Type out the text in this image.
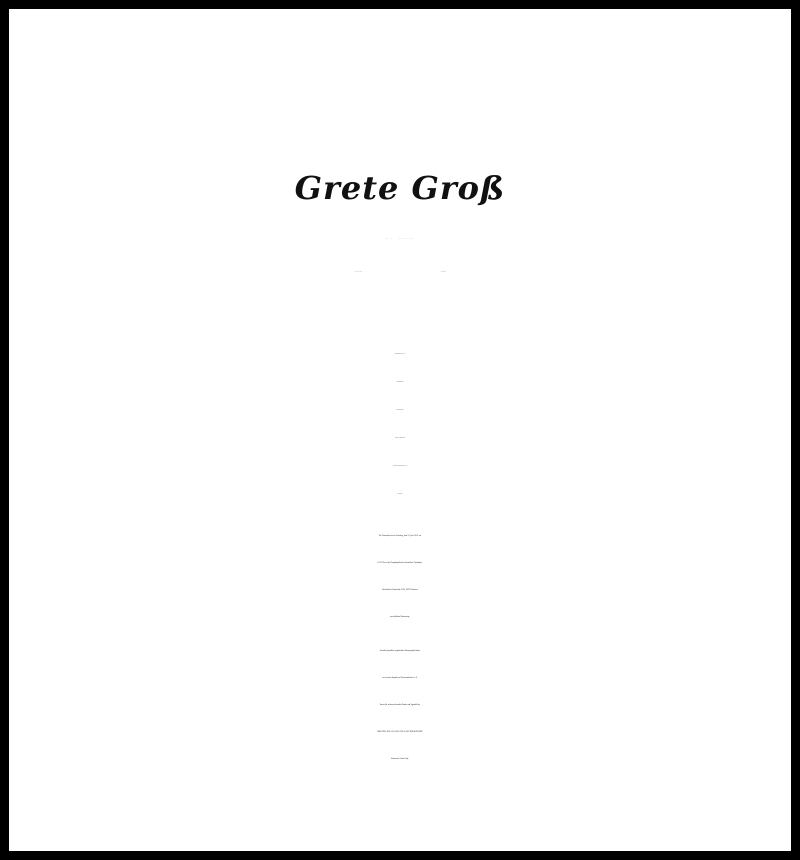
Grete Groß
geb. Hansen
* 24. 11. 1934	† 7. 6. 2016
Die Trauerfeier ist am Dienstag, dem 21. Juni 2016, um
12.30 Uhr in der Hauptkapelle des Osterholzer Friedhofes,
Osterholzer Heerstraße 32-34, 28327 Bremen;
anschließend Beisetzung.
Anstelle freundlich zugedachter Blumengrüße bitten
wir um eine Spende an Herzenswünsche e. V.,
Verein für schwer erkrankte Kinder und Jugendliche,
IBAN DE45 4005 0150 0000 3700 80, BIC WELADED1MST,
Kennwort: Grete Groß.
